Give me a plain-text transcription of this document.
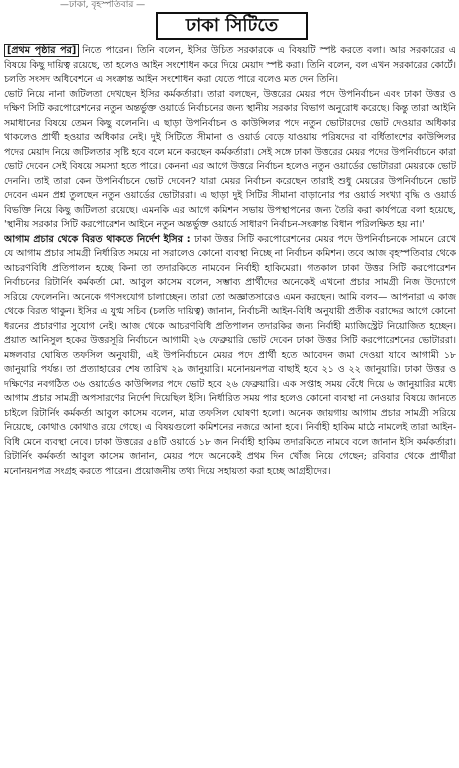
—ঢাকা, বৃহস্পতিবার —
ঢাকা সিটিতে

[প্রথম পৃষ্ঠার পর] নিতে পারেন। তিনি বলেন, ইসির উচিত সরকারকে এ বিষয়টি স্পষ্ট করতে বলা। আর সরকারের এ বিষয়ে কিছু দায়িত্ব রয়েছে, তা হলেও আইন সংশোধন করে দিয়ে মেয়াদ স্পষ্ট করা। তিনি বলেন, বল এখন সরকারের কোর্টে। চলতি সংসদ অধিবেশনে এ সংক্রান্ত আইন সংশোধন করা যেতে পারে বলেও মত দেন তিনি।

ভোট নিয়ে নানা জটিলতা দেখছেন ইসির কর্মকর্তারা। তারা বলছেন, উত্তরের মেয়র পদে উপনির্বাচন এবং ঢাকা উত্তর ও দক্ষিণ সিটি করপোরেশনের নতুন অন্তর্ভুক্ত ওয়ার্ডে নির্বাচনের জন্য স্থানীয় সরকার বিভাগ অনুরোধ করেছে। কিন্তু তারা আইনি সমাধানের বিষয়ে তেমন কিছু বলেননি। এ ছাড়া উপনির্বাচন ও কাউন্সিলর পদে নতুন ভোটারদের ভোট দেওয়ার অধিকার থাকলেও প্রার্থী হওয়ার অধিকার নেই। দুই সিটিতে সীমানা ও ওয়ার্ড বেড়ে যাওয়ায় পরিষদের বা বর্ধিতাংশের কাউন্সিলর পদের মেয়াদ নিয়ে জটিলতার সৃষ্টি হবে বলে মনে করছেন কর্মকর্তারা। সেই সঙ্গে ঢাকা উত্তরের মেয়র পদের উপনির্বাচনে কারা ভোট দেবেন সেই বিষয়ে সমস্যা হতে পারে। কেননা এর আগে উত্তরে নির্বাচন হলেও নতুন ওয়ার্ডের ভোটাররা মেয়রকে ভোট দেননি। তাই তারা কেন উপনির্বাচনে ভোট দেবেন? যারা মেয়র নির্বাচন করেছেন তারাই শুধু মেয়রের উপনির্বাচনে ভোট দেবেন এমন প্রশ্ন তুলছেন নতুন ওয়ার্ডের ভোটাররা। এ ছাড়া দুই সিটির সীমানা বাড়ানোর পর ওয়ার্ড সংখ্যা বৃদ্ধি ও ওয়ার্ড বিভক্তি নিয়ে কিছু জটিলতা রয়েছে। এমনকি এর আগে কমিশন সভায় উপস্থাপনের জন্য তৈরি করা কার্যপত্রে বলা হয়েছে, 'স্থানীয় সরকার সিটি করপোরেশন আইনে নতুন অন্তর্ভুক্ত ওয়ার্ডে সাধারণ নির্বাচন-সংক্রান্ত বিধান পরিলক্ষিত হয় না।'

আগাম প্রচার থেকে বিরত থাকতে নির্দেশ ইসির : ঢাকা উত্তর সিটি করপোরেশনের মেয়র পদে উপনির্বাচনকে সামনে রেখে যে আগাম প্রচার সামগ্রী নির্ধারিত সময়ে না সরালেও কোনো ব্যবস্থা নিচ্ছে না নির্বাচন কমিশন। তবে আজ বৃহস্পতিবার থেকে আচরণবিধি প্রতিপালন হচ্ছে কিনা তা তদারকিতে নামবেন নির্বাহী হাকিমেরা। গতকাল ঢাকা উত্তর সিটি করপোরেশন নির্বাচনের রিটার্নিং কর্মকর্তা মো. আবুল কাসেম বলেন, সম্ভাব্য প্রার্থীদের অনেকেই এখনো প্রচার সামগ্রী নিজ উদ্যোগে সরিয়ে ফেলেননি। অনেকে গণসংযোগ চালাচ্ছেন। তারা তো অজ্ঞাতসারেও এমন করছেন। আমি বলব— আপনারা এ কাজ থেকে বিরত থাকুন। ইসির এ যুগ্ম সচিব (চলতি দায়িত্ব) জানান, নির্বাচনী আইন-বিধি অনুযায়ী প্রতীক বরাদ্দের আগে কোনো ধরনের প্রচারণার সুযোগ নেই। আজ থেকে আচরণবিধি প্রতিপালন তদারকির জন্য নির্বাহী ম্যাজিস্ট্রেট নিয়োজিত হচ্ছেন। প্রয়াত আনিসুল হকের উত্তরসূরি নির্বাচনে আগামী ২৬ ফেব্রুয়ারি ভোট দেবেন ঢাকা উত্তর সিটি করপোরেশনের ভোটাররা। মঙ্গলবার ঘোষিত তফসিল অনুযায়ী, এই উপনির্বাচনে মেয়র পদে প্রার্থী হতে আবেদন জমা দেওয়া যাবে আগামী ১৮ জানুয়ারি পর্যন্ত। তা প্রত্যাহারের শেষ তারিখ ২৯ জানুয়ারি। মনোনয়নপত্র বাছাই হবে ২১ ও ২২ জানুয়ারি। ঢাকা উত্তর ও দক্ষিণের নবগঠিত ৩৬ ওয়ার্ডেও কাউন্সিলর পদে ভোট হবে ২৬ ফেব্রুয়ারি। এক সপ্তাহ সময় বেঁধে দিয়ে ৬ জানুয়ারির মধ্যে আগাম প্রচার সামগ্রী অপসারণের নির্দেশ দিয়েছিল ইসি। নির্ধারিত সময় পার হলেও কোনো ব্যবস্থা না নেওয়ার বিষয়ে জানতে চাইলে রিটার্নিং কর্মকর্তা আবুল কাসেম বলেন, মাত্র তফসিল ঘোষণা হলো। অনেক জায়গায় আগাম প্রচার সামগ্রী সরিয়ে নিয়েছে, কোথাও কোথাও রয়ে গেছে। এ বিষয়গুলো কমিশনের নজরে আনা হবে। নির্বাহী হাকিম মাঠে নামলেই তারা আইন-বিধি মেনে ব্যবস্থা নেবে। ঢাকা উত্তরের ৫৪টি ওয়ার্ডে ১৮ জন নির্বাহী হাকিম তদারকিতে নামবে বলে জানান ইসি কর্মকর্তারা। রিটার্নিং কর্মকর্তা আবুল কাসেম জানান, মেয়র পদে অনেকেই প্রথম দিন খোঁজ নিয়ে গেছেন; রবিবার থেকে প্রার্থীরা মনোনয়নপত্র সংগ্রহ করতে পারেন। প্রয়োজনীয় তথ্য দিয়ে সহায়তা করা হচ্ছে আগ্রহীদের।
